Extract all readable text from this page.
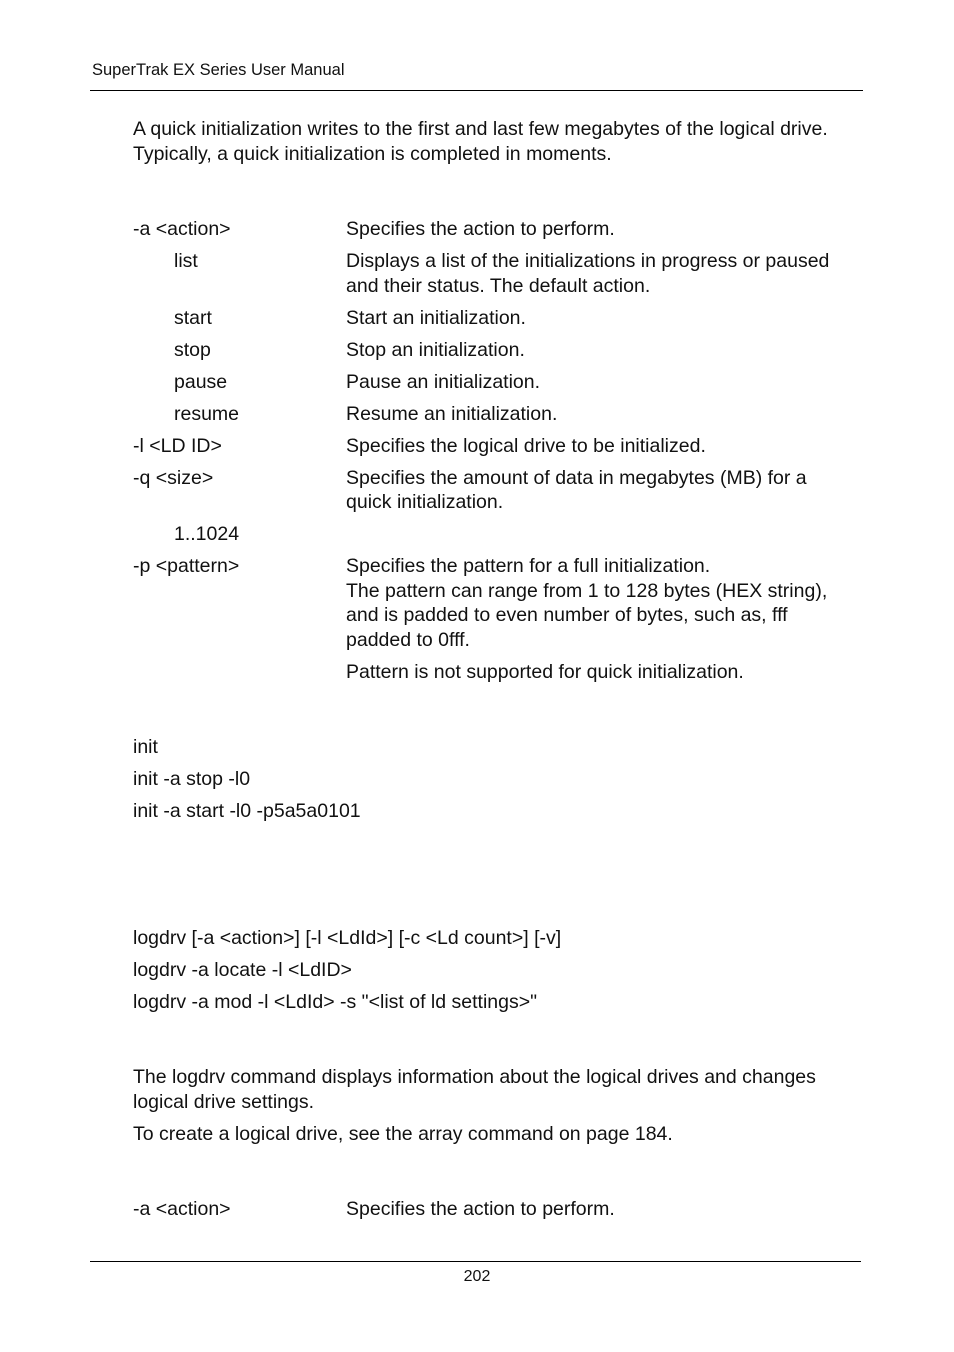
SuperTrak EX Series User Manual

A quick initialization writes to the first and last few megabytes of the logical drive.
Typically, a quick initialization is completed in moments.

-a <action>	Specifies the action to perform.
list	Displays a list of the initializations in progress or paused
and their status. The default action.
start	Start an initialization.
stop	Stop an initialization.
pause	Pause an initialization.
resume	Resume an initialization.
-l <LD ID>	Specifies the logical drive to be initialized.
-q <size>	Specifies the amount of data in megabytes (MB) for a
quick initialization.
1..1024
-p <pattern>	Specifies the pattern for a full initialization.
The pattern can range from 1 to 128 bytes (HEX string),
and is padded to even number of bytes, such as, fff
padded to 0fff.
Pattern is not supported for quick initialization.
init
init -a stop -l0
init -a start -l0 -p5a5a0101
logdrv [-a <action>] [-l <LdId>] [-c <Ld count>] [-v]
logdrv -a locate -l <LdID>
logdrv -a mod -l <LdId> -s "<list of ld settings>"

The logdrv command displays information about the logical drives and changes
logical drive settings.

To create a logical drive, see the array command on page 184.

-a <action>	Specifies the action to perform.
202
